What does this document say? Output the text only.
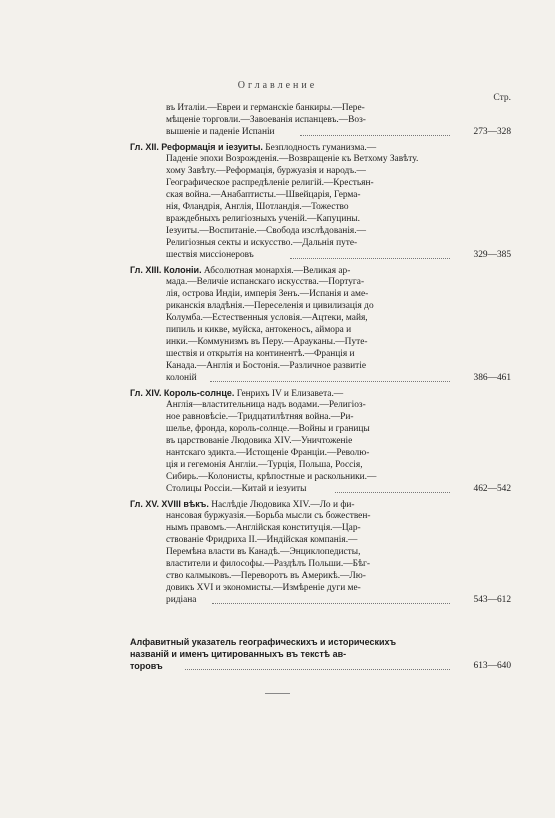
Оглавление
Стр.
въ Италіи.—Евреи и германскіе банкиры.—Пере-
мѣщеніе торговли.—Завоеванія испанцевъ.—Воз-
вышеніе и паденіе Испаніи	273—328
Гл. XII. Реформація и іезуиты. Безплодность гуманизма.—
Паденіе эпохи Возрожденія.—Возвращеніе къ Ветхому Завѣту.
хому Завѣту.—Реформація, буржуазія и народъ.—
Географическое распредѣленіе религій.—Крестьян-
ская война.—Анабаптисты.—Швейцарія, Герма-
нія, Фландрія, Англія, Шотландія.—Тожество
враждебныхъ религіозныхъ ученій.—Капуцины.
Іезуиты.—Воспитаніе.—Свобода изслѣдованія.—
Религіозныя секты и искусство.—Дальнія путе-
шествія миссіонеровъ	329—385
Гл. XIII. Колоніи. Абсолютная монархія.—Великая ар-
мада.—Величіе испанскаго искусства.—Португа-
лія, острова Индіи, имперія Зенъ.—Испанія и аме-
риканскія владѣнія.—Переселенія и цивилизація до
Колумба.—Естественныя условія.—Ацтеки, майя,
пипиль и киквe, муйска, антокеносъ, аймора и
инки.—Коммунизмъ въ Перу.—Арауканы.—Путе-
шествія и открытія на континентѣ.—Франція и
Канада.—Англія и Бостонія.—Различное развитіе
колоній	386—461
Гл. XIV. Король-солнце. Генрихъ IV и Елизавета.—
Англія—властительница надъ водами.—Религіоз-
ное равновѣсіе.—Тридцатилѣтняя война.—Ри-
шелье, фронда, король-солнце.—Войны и границы
въ царствованіе Людовика XIV.—Уничтоженіе
нантскаго эдикта.—Истощеніе Франціи.—Револю-
ція и гегемонія Англіи.—Турція, Польша, Россія,
Сибирь.—Колонисты, крѣпостные и раскольники.—
Столицы Россіи.—Китай и іезуиты	462—542
Гл. XV. XVIII вѣкъ. Наслѣдіе Людовика XIV.—Ло и фи-
нансовая буржуазія.—Борьба мысли съ божествен-
нымъ правомъ.—Англійская конституція.—Цар-
ствованіе Фридриха II.—Индійская компанія.—
Перемѣна власти въ Канадѣ.—Энциклопедисты,
властители и философы.—Раздѣлъ Польши.—Бѣг-
ство калмыковъ.—Переворотъ въ Америкѣ.—Лю-
довикъ XVI и экономисты.—Измѣреніе дуги ме-
ридіана	543—612
Алфавитный указатель географическихъ и историческихъ
названій и именъ цитированныхъ въ текстѣ ав-
торовъ	613—640
